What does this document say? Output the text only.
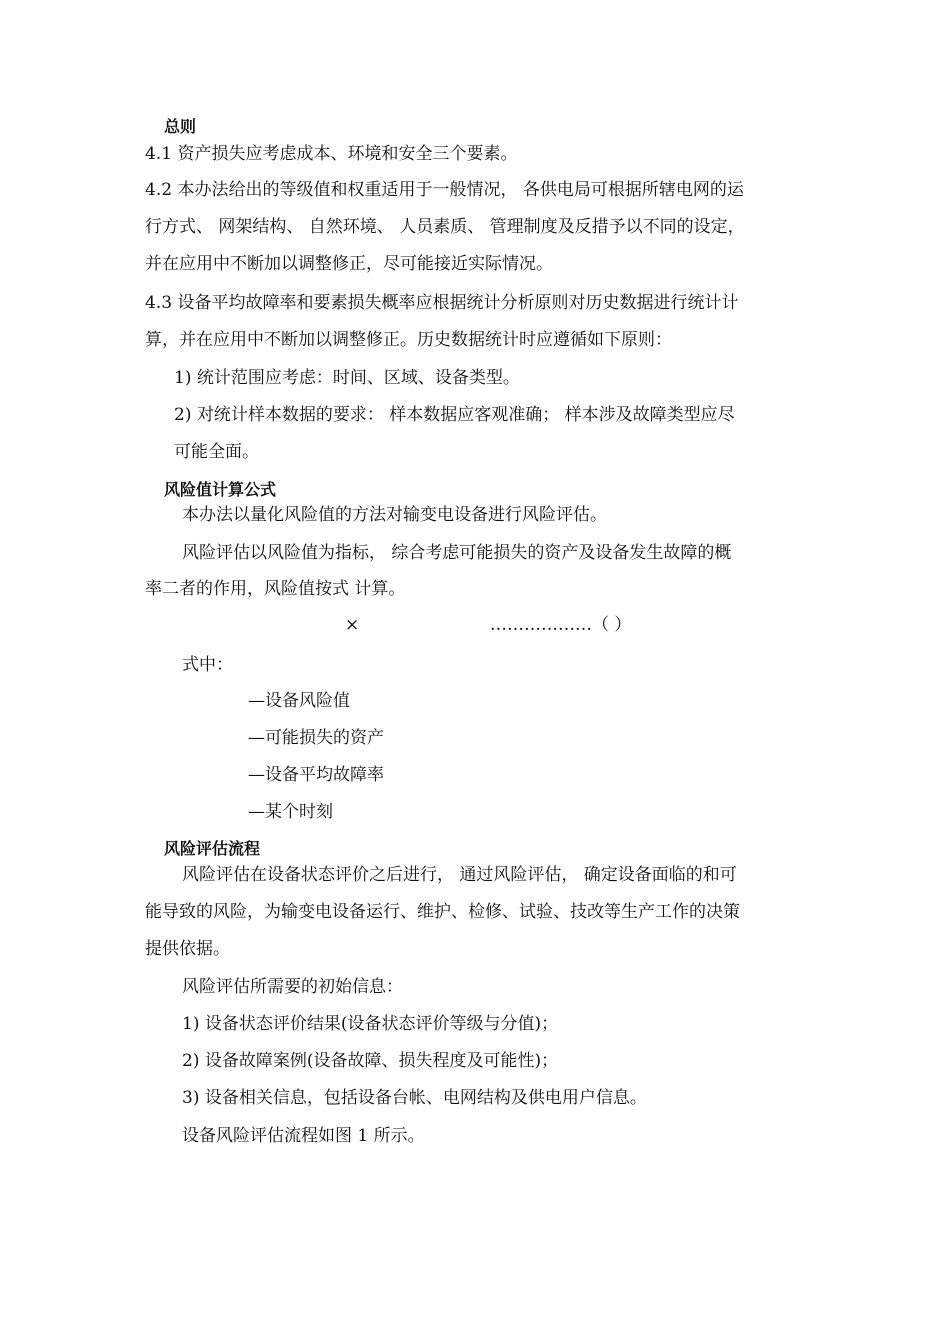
总则
4.1 资产损失应考虑成本、环境和安全三个要素。
4.2 本办法给出的等级值和权重适用于一般情况， 各供电局可根据所辖电网的运
行方式、 网架结构、 自然环境、 人员素质、 管理制度及反措予以不同的设定，
并在应用中不断加以调整修正，尽可能接近实际情况。
4.3 设备平均故障率和要素损失概率应根据统计分析原则对历史数据进行统计计
算，并在应用中不断加以调整修正。历史数据统计时应遵循如下原则：
1) 统计范围应考虑：时间、区域、设备类型。
2) 对统计样本数据的要求： 样本数据应客观准确； 样本涉及故障类型应尽
可能全面。
风险值计算公式
本办法以量化风险值的方法对输变电设备进行风险评估。
风险评估以风险值为指标， 综合考虑可能损失的资产及设备发生故障的概
率二者的作用，风险值按式 计算。
×	………………（ ）
式中：
—设备风险值
—可能损失的资产
—设备平均故障率
—某个时刻
风险评估流程
风险评估在设备状态评价之后进行， 通过风险评估， 确定设备面临的和可
能导致的风险，为输变电设备运行、维护、检修、试验、技改等生产工作的决策
提供依据。
风险评估所需要的初始信息：
1) 设备状态评价结果(设备状态评价等级与分值)；
2) 设备故障案例(设备故障、损失程度及可能性)；
3) 设备相关信息，包括设备台帐、电网结构及供电用户信息。
设备风险评估流程如图 1 所示。
